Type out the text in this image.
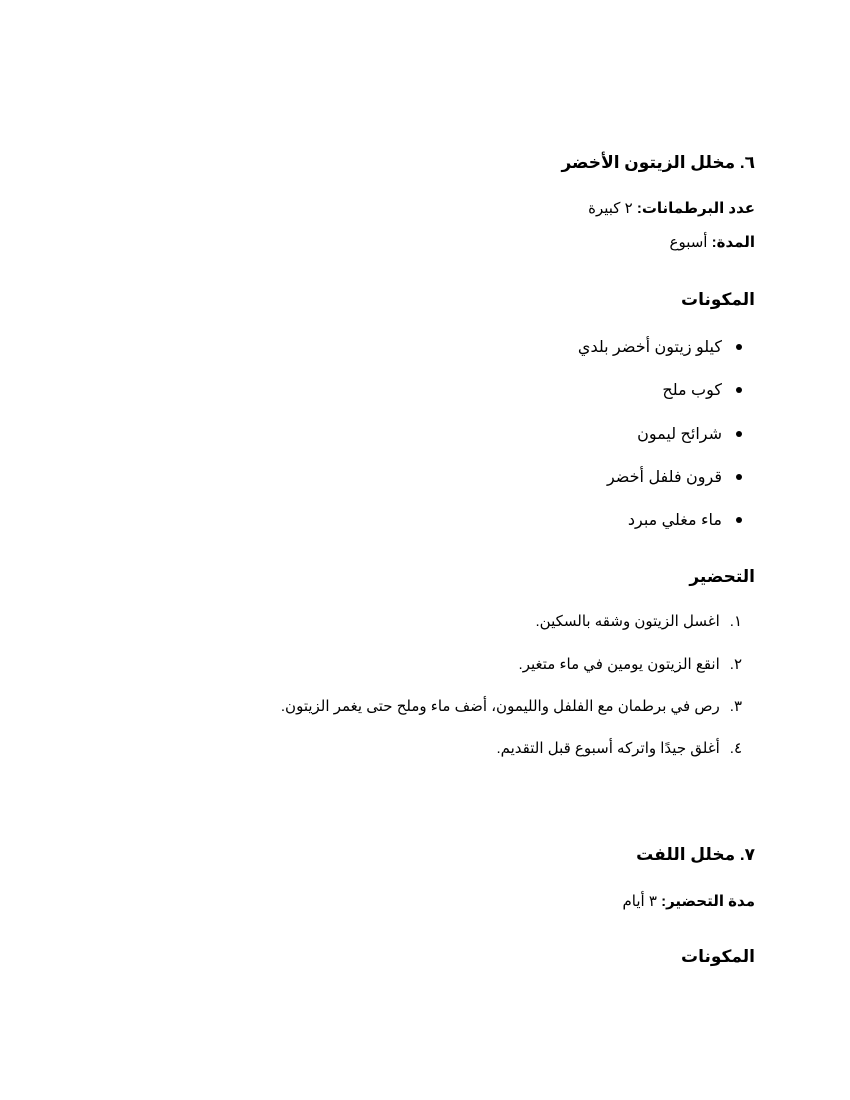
٦. مخلل الزيتون الأخضر
عدد البرطمانات: ٢ كبيرة
المدة: أسبوع
المكونات
كيلو زيتون أخضر بلدي
كوب ملح
شرائح ليمون
قرون فلفل أخضر
ماء مغلي مبرد
التحضير
١.اغسل الزيتون وشقه بالسكين.
٢.انقع الزيتون يومين في ماء متغير.
٣.رص في برطمان مع الفلفل والليمون، أضف ماء وملح حتى يغمر الزيتون.
٤.أغلق جيدًا واتركه أسبوع قبل التقديم.
٧. مخلل اللفت
مدة التحضير: ٣ أيام
المكونات
